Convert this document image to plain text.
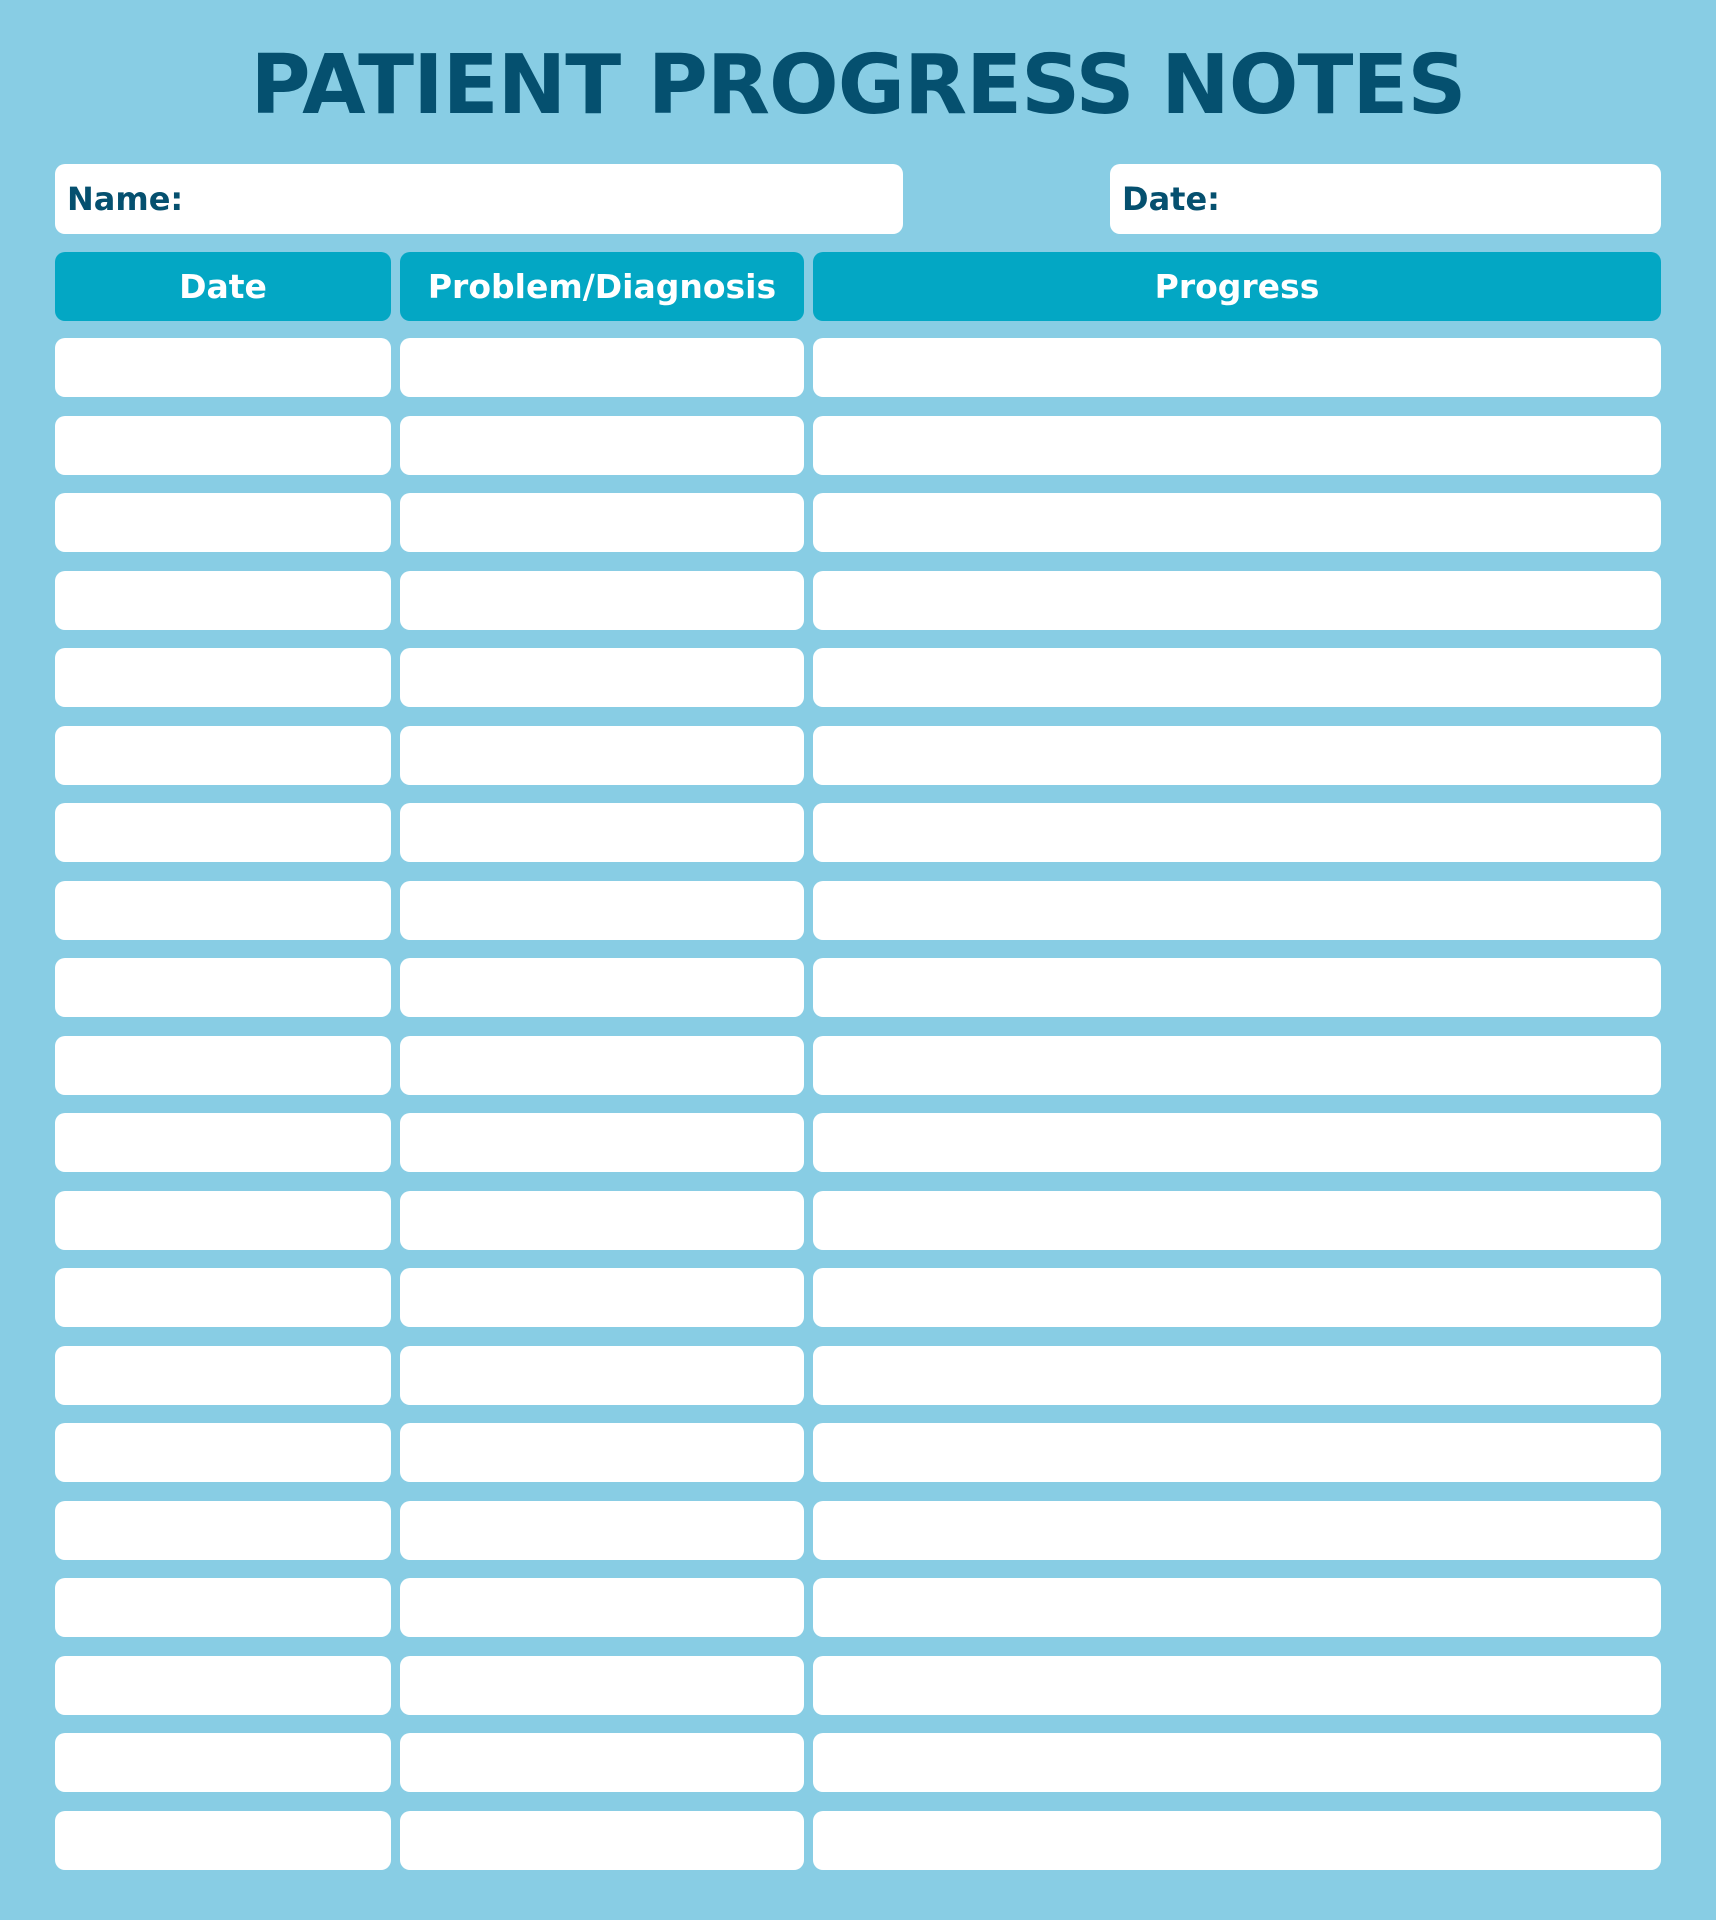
PATIENT PROGRESS NOTES
Name:	Date:
Date	Problem/Diagnosis	Progress
